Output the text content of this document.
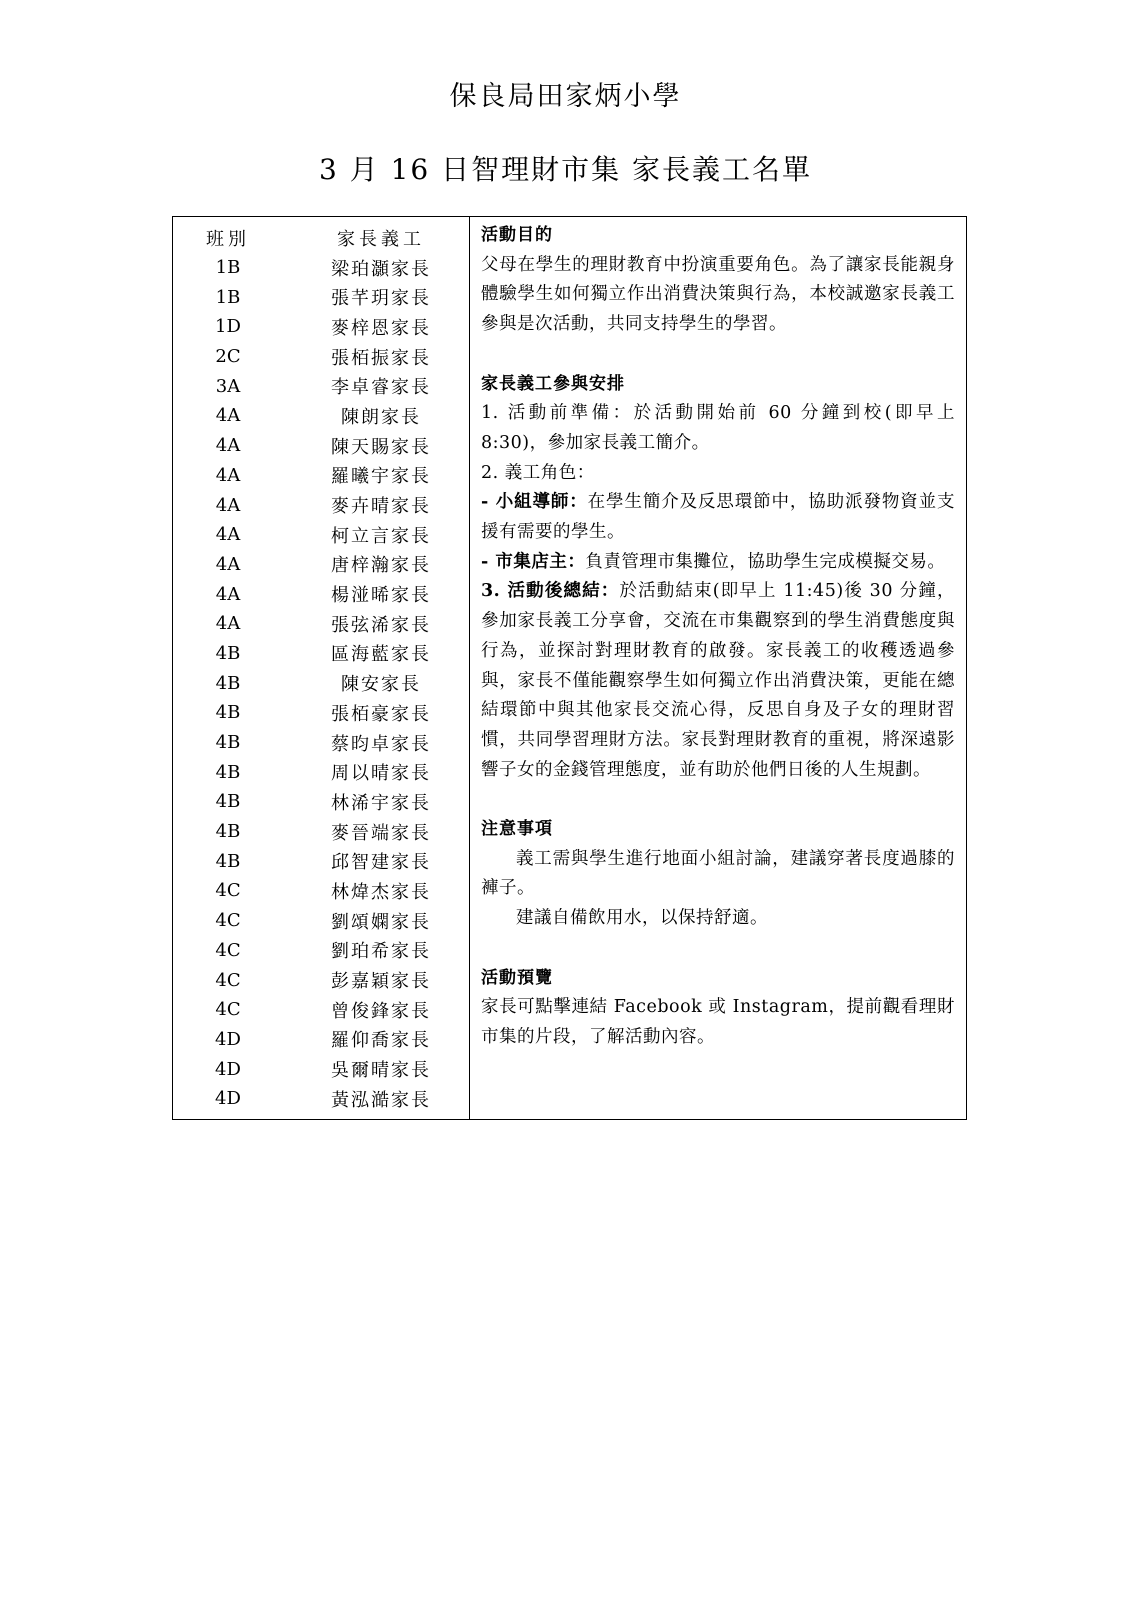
保良局田家炳小學
3 月 16 日智理財市集 家長義工名單
班別	家長義工
1B	梁珀灝家長
1B	張芊玥家長
1D	麥梓恩家長
2C	張栢振家長
3A	李卓睿家長
4A	陳朗家長
4A	陳天賜家長
4A	羅曦宇家長
4A	麥卉晴家長
4A	柯立言家長
4A	唐梓瀚家長
4A	楊湴晞家長
4A	張弦浠家長
4B	區海藍家長
4B	陳安家長
4B	張栢豪家長
4B	蔡昀卓家長
4B	周以晴家長
4B	林浠宇家長
4B	麥晉端家長
4B	邱智建家長
4C	林煒杰家長
4C	劉頌嫻家長
4C	劉珀希家長
4C	彭嘉穎家長
4C	曾俊鋒家長
4D	羅仰喬家長
4D	吳爾晴家長
4D	黃泓澔家長
活動目的
父母在學生的理財教育中扮演重要角色。為了讓家長能親身體驗學生如何獨立作出消費決策與行為，本校誠邀家長義工參與是次活動，共同支持學生的學習。
家長義工參與安排
1. 活動前準備：於活動開始前 60 分鐘到校(即早上 8:30)，參加家長義工簡介。
2. 義工角色：
- 小組導師：在學生簡介及反思環節中，協助派發物資並支援有需要的學生。
- 市集店主：負責管理市集攤位，協助學生完成模擬交易。
3. 活動後總結：於活動結束(即早上 11:45)後 30 分鐘，參加家長義工分享會，交流在市集觀察到的學生消費態度與行為，並探討對理財教育的啟發。家長義工的收穫透過參與，家長不僅能觀察學生如何獨立作出消費決策，更能在總結環節中與其他家長交流心得，反思自身及子女的理財習慣，共同學習理財方法。家長對理財教育的重視，將深遠影響子女的金錢管理態度，並有助於他們日後的人生規劃。
注意事項
義工需與學生進行地面小組討論，建議穿著長度過膝的褲子。
建議自備飲用水，以保持舒適。
活動預覽
家長可點擊連結 Facebook 或 Instagram，提前觀看理財市集的片段，了解活動內容。
